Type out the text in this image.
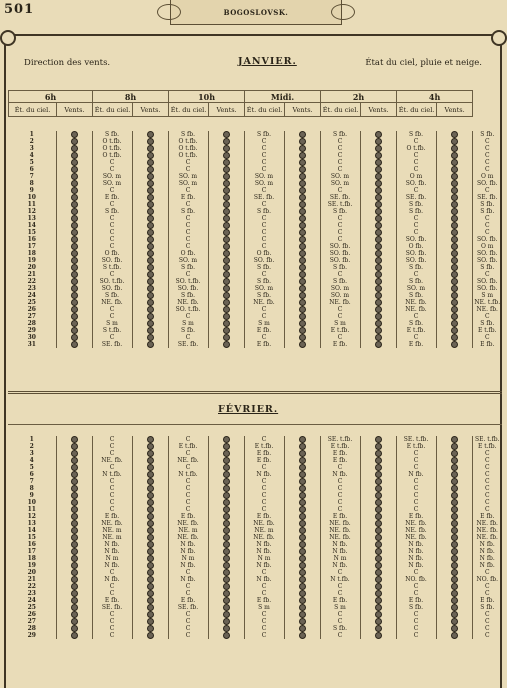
501	BOGOSLOVSK.
Direction des vents.	JANVIER.	État du ciel, pluie et neige.
	6h		8h		10h		Midi.		2h		4h	
Ét. du ciel.	Vents.	Ét. du ciel.	Vents.	Ét. du ciel.	Vents.	Ét. du ciel.	Vents.	Ét. du ciel.	Vents.	Ét. du ciel.	Vents.
1		S fb.		S fb.		S fb.		S fb.		S fb.		S fb.
2		O t.fb.		O t.fb.		C		C		C		C
3		O t.fb.		O t.fb.		C		C		O t.fb.		C
4		O t.fb.		O t.fb.		C		C		C		C
5		C		C		C		C		C		C
6		C		C		C		C		C		C
7		SO. m		SO. m		SO. m		SO. m		O m		O m
8		SO. m		SO. m		SO. m		SO. m		SO. fb.		SO. fb.
9		C		C		C		C		C		C
10		E fb.		E fb.		SE. fb.		SE. fb.		SE. fb.		SE. fb.
11		C		C		C		SE. t.fb.		S fb.		S fb.
12		S fb.		S fb.		S fb.		S fb.		S fb.		S fb.
13		C		C		C		C		C		C
14		C		C		C		C		C		C
15		C		C		C		C		C		C
16		C		C		C		C		SO. fb.		SO. fb.
17		C		C		C		SO. fb.		O fb.		O m
18		O fb.		O fb.		O fb.		SO. fb.		SO. fb.		SO. fb.
19		SO. fb.		SO. m		SO. fb.		SO. fb.		SO. fb.		SO. fb.
20		S t.fb.		S fb.		S fb.		S fb.		S fb.		S fb.
21		C		C		C		C		C		C
22		SO. t.fb.		SO. t.fb.		S fb.		S fb.		S fb.		SO. fb.
23		SO. fb.		SO. fb.		SO. m		SO. m		SO. m		SO. fb.
24		S fb.		S fb.		S fb.		SO. m		S fb.		S m
25		NE. fb.		NE. fb.		NE. fb.		NE. fb.		NE. fb.		NE. t.fb.
26		C		SO. t.fb.		C		C		NE. fb.		NE. fb.
27		C		C		C		C		C		C
28		S m		S m		S m		S m		S fb.		S fb.
29		S t.fb.		S fb.		E fb.		E t.fb.		E t.fb.		E t.fb.
30		C		C		C		C		C		C
31		SE. fb.		SE. fb.		E fb.		E fb.		E fb.		E fb.
FÉVRIER.
1		C		C		C		SE. t.fb.		SE. t.fb.		SE. t.fb.
2		C		E t.fb.		E t.fb.		E t.fb.		E t.fb.		E t.fb.
3		C		C		E fb.		E fb.		C		C
4		NE. fb.		NE. fb.		E fb.		E fb.		C		C
5		C		C		C		C		C		C
6		N t.fb.		N t.fb.		N fb.		N fb.		N fb.		C
7		C		C		C		C		C		C
8		C		C		C		C		C		C
9		C		C		C		C		C		C
10		C		C		C		C		C		C
11		C		C		C		C		C		C
12		E fb.		E fb.		E fb.		E fb.		E fb.		E fb.
13		NE. fb.		NE. fb.		NE. fb.		NE. fb.		NE. fb.		NE. fb.
14		NE. m		NE. m		NE. m		NE. fb.		NE. fb.		NE. fb.
15		NE. m		NE. fb.		NE. fb.		NE. fb.		NE. fb.		NE. fb.
16		N fb.		N fb.		N fb.		N fb.		N fb.		N fb.
17		N fb.		N fb.		N fb.		N fb.		N fb.		N fb.
18		N m		N m		N m		N m		N fb.		N fb.
19		N fb.		N fb.		N fb.		N fb.		N fb.		N fb.
20		C		C		C		C		C		C
21		N fb.		N fb.		N fb.		N t.fb.		NO. fb.		NO. fb.
22		C		C		C		C		C		C
23		C		C		C		C		C		C
24		E fb.		E fb.		E fb.		E fb.		E fb.		E fb.
25		SE. fb.		SE. fb.		S m		S m		S fb.		S fb.
26		C		C		C		C		C		C
27		C		C		C		C		C		C
28		C		C		C		S fb.		C		C
29		C		C		C		C		C		C
